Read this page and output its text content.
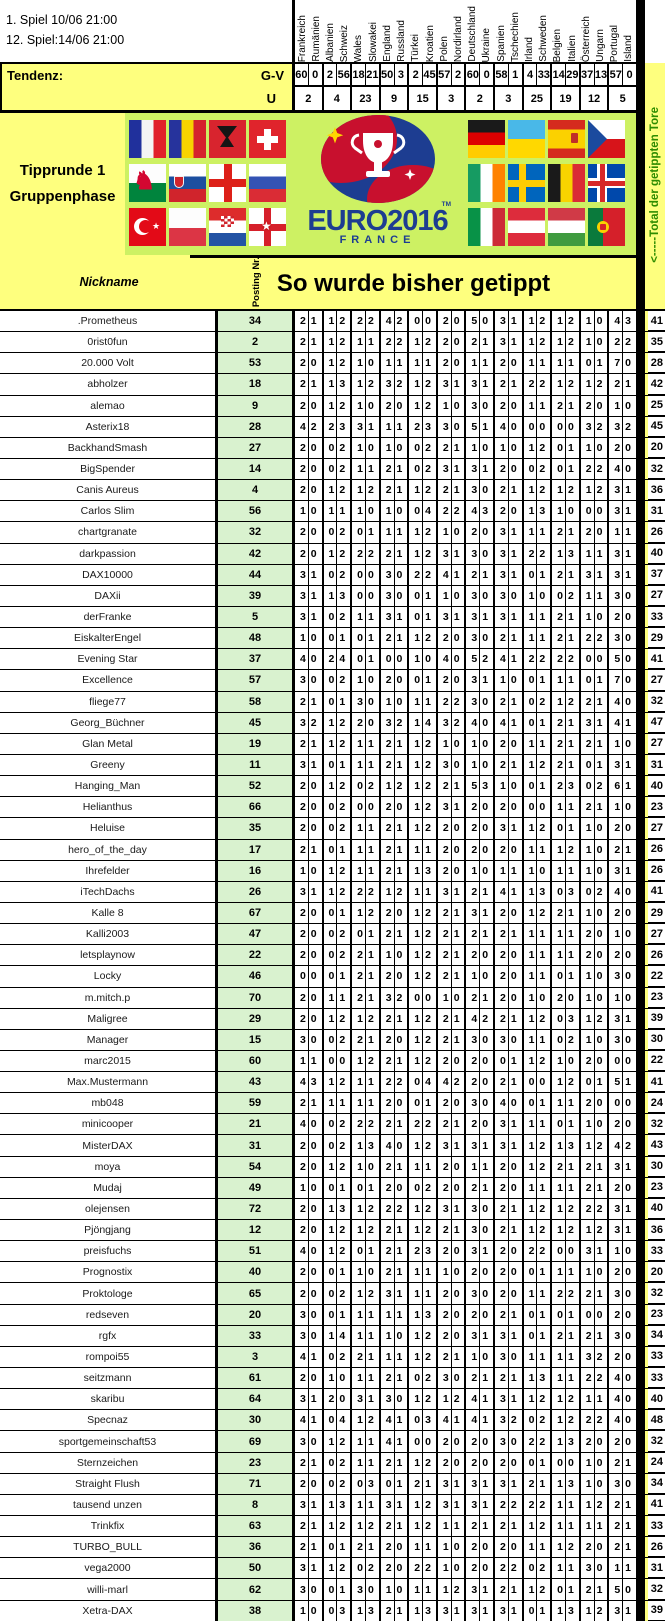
1. Spiel 10/06 21:00
12. Spiel:14/06 21:00	Frankreich Rumänien Albanien Schweiz Wales Slowakei England Russland Türkei Kroatien Polen Nordirland Deutschland Ukraine Spanien Tschechien Irland Schweden Belgien Italien Österreich Ungarn Portugal Island
Tendenz:	G-V
U
60 0 2 56 18 21 50 3 2 45 57 2 60 0 58 1 4 33 14 29 37 13 57 0
2	4	23	9	15	3	2	3	25	19	12	5
Tipprunde 1
Gruppenphase
♞
★
★	TM
EURO2016
FRANCE
So wurde bisher getippt
Nickname	Posting Nr.
.Prometheus	34	2 1	1 2	2 2	4 2	0 0	2 0	5 0	3 1	1 2	1 2	1 0	4 3	41
0rist0fun	2	2 1	1 2	1 1	2 2	1 2	2 0	2 1	3 1	1 2	1 2	1 0	2 2	35
20.000 Volt	53	2 0	1 2	1 0	1 1	1 1	2 0	1 1	2 0	1 1	1 1	0 1	7 0	28
abholzer	18	2 1	1 3	1 2	3 2	1 2	3 1	3 1	2 1	2 2	1 2	1 2	2 1	42
alemao	9	2 0	1 2	1 0	2 0	1 2	1 0	3 0	2 0	1 1	2 1	2 0	1 0	25
Asterix18	28	4 2	2 3	3 1	1 1	2 3	3 0	5 1	4 0	0 0	0 0	3 2	3 2	45
BackhandSmash	27	2 0	0 2	1 0	1 0	0 2	2 1	1 0	1 0	1 2	0 1	1 0	2 0	20
BigSpender	14	2 0	0 2	1 1	2 1	0 2	3 1	3 1	2 0	0 2	0 1	2 2	4 0	32
Canis Aureus	4	2 0	1 2	1 2	2 1	1 2	2 1	3 0	2 1	1 2	1 2	1 2	3 1	36
Carlos Slim	56	1 0	1 1	1 0	1 0	0 4	2 2	4 3	2 0	1 3	1 0	0 0	3 1	31
chartgranate	32	2 0	0 2	0 1	1 1	1 2	1 0	2 0	3 1	1 1	2 1	2 0	1 1	26
darkpassion	42	2 0	1 2	2 2	2 1	1 2	3 1	3 0	3 1	2 2	1 3	1 1	3 1	40
DAX10000	44	3 1	0 2	0 0	3 0	2 2	4 1	2 1	3 1	0 1	2 1	3 1	3 1	37
DAXii	39	3 1	1 3	0 0	3 0	0 1	1 0	3 0	3 0	1 0	0 2	1 1	3 0	27
derFranke	5	3 1	0 2	1 1	3 1	0 1	3 1	3 1	3 1	1 1	2 1	1 0	2 0	33
EiskalterEngel	48	1 0	0 1	0 1	2 1	1 2	2 0	3 0	2 1	1 1	2 1	2 2	3 0	29
Evening Star	37	4 0	2 4	0 1	0 0	1 0	4 0	5 2	4 1	2 2	2 2	0 0	5 0	41
Excellence	57	3 0	0 2	1 0	2 0	0 1	2 0	3 1	1 0	0 1	1 1	0 1	7 0	27
fliege77	58	2 1	0 1	3 0	1 0	1 1	2 2	3 0	2 1	0 2	1 2	2 1	4 0	32
Georg_Büchner	45	3 2	1 2	2 0	3 2	1 4	3 2	4 0	4 1	0 1	2 1	3 1	4 1	47
Glan Metal	19	2 1	1 2	1 1	2 1	1 2	1 0	1 0	2 0	1 1	2 1	2 1	1 0	27
Greeny	11	3 1	0 1	1 1	2 1	1 2	3 0	1 0	2 1	1 2	2 1	0 1	3 1	31
Hanging_Man	52	2 0	1 2	0 2	1 2	1 2	2 1	5 3	1 0	0 1	2 3	0 2	6 1	40
Helianthus	66	2 0	0 2	0 0	2 0	1 2	3 1	2 0	2 0	0 0	1 1	2 1	1 0	23
Heluise	35	2 0	0 2	1 1	2 1	1 2	2 0	2 0	3 1	1 2	0 1	1 0	2 0	27
hero_of_the_day	17	2 1	0 1	1 1	2 1	1 1	2 0	2 0	2 0	1 1	1 2	1 0	2 1	26
Ihrefelder	16	1 0	1 2	1 1	2 1	1 3	2 0	1 0	1 1	1 0	1 1	1 0	3 1	26
iTechDachs	26	3 1	1 2	2 2	1 2	1 1	3 1	2 1	4 1	1 3	0 3	0 2	4 0	41
Kalle 8	67	2 0	0 1	1 2	2 0	1 2	2 1	3 1	2 0	1 2	2 1	1 0	2 0	29
Kalli2003	47	2 0	0 2	0 1	2 1	1 2	2 1	2 1	2 1	1 1	1 1	2 0	1 0	27
letsplaynow	22	2 0	0 2	2 1	1 0	1 2	2 1	2 0	2 0	1 1	1 1	2 0	2 0	26
Locky	46	0 0	0 1	2 1	2 0	1 2	2 1	1 0	2 0	1 1	0 1	1 0	3 0	22
m.mitch.p	70	2 0	1 1	2 1	3 2	0 0	1 0	2 1	2 0	1 0	2 0	1 0	1 0	23
Maligree	29	2 0	1 2	1 2	2 1	1 2	2 1	4 2	2 1	1 2	0 3	1 2	3 1	39
Manager	15	3 0	0 2	2 1	2 0	1 2	2 1	3 0	3 0	1 1	0 2	1 0	3 0	30
marc2015	60	1 1	0 0	1 2	2 1	1 2	2 0	2 0	0 1	1 2	1 0	2 0	0 0	22
Max.Mustermann	43	4 3	1 2	1 1	2 2	0 4	4 2	2 0	2 1	0 0	1 2	0 1	5 1	41
mb048	59	2 1	1 1	1 1	2 0	0 1	2 0	3 0	4 0	0 1	1 1	2 0	0 0	24
minicooper	21	4 0	0 2	2 2	2 1	2 2	2 1	2 0	3 1	1 1	0 1	1 0	2 0	32
MisterDAX	31	2 0	0 2	1 3	4 0	1 2	3 1	3 1	3 1	1 2	1 3	1 2	4 2	43
moya	54	2 0	1 2	1 0	2 1	1 1	2 0	1 1	2 0	1 2	2 1	2 1	3 1	30
Mudaj	49	1 0	0 1	0 1	2 0	0 2	2 0	2 1	2 0	1 1	1 1	2 1	2 0	23
olejensen	72	2 0	1 3	1 2	2 2	1 2	3 1	3 0	2 1	1 2	1 2	2 2	3 1	40
Pjöngjang	12	2 0	1 2	1 2	2 1	1 2	2 1	3 0	2 1	1 2	1 2	1 2	3 1	36
preisfuchs	51	4 0	1 2	0 1	2 1	2 3	2 0	3 1	2 0	2 2	0 0	3 1	1 0	33
Prognostix	40	2 0	0 1	1 0	2 1	1 1	1 0	2 0	2 0	0 1	1 1	1 0	2 0	20
Proktologe	65	2 0	0 2	1 2	3 1	1 1	2 0	3 0	2 0	1 1	2 2	2 1	3 0	32
redseven	20	3 0	0 1	1 1	1 1	1 3	2 0	2 0	2 1	0 1	0 1	0 0	2 0	23
rgfx	33	3 0	1 4	1 1	1 0	1 2	2 0	3 1	3 1	0 1	2 1	2 1	3 0	34
rompoi55	3	4 1	0 2	2 1	1 1	1 2	2 1	1 0	3 0	1 1	1 1	3 2	2 0	33
seitzmann	61	2 0	1 0	1 1	2 1	0 2	3 0	2 1	2 1	1 3	1 1	2 2	4 0	33
skaribu	64	3 1	2 0	3 1	3 0	1 2	1 2	4 1	3 1	1 2	1 2	1 1	4 0	40
Specnaz	30	4 1	0 4	1 2	4 1	0 3	4 1	4 1	3 2	0 2	1 2	2 2	4 0	48
sportgemeinschaft53	69	3 0	1 2	1 1	4 1	0 0	2 0	2 0	3 0	2 2	1 3	2 0	2 0	32
Sternzeichen	23	2 1	0 2	1 1	2 1	1 2	2 0	2 0	2 0	0 1	0 0	1 0	2 1	24
Straight Flush	71	2 0	0 2	0 3	0 1	2 1	3 1	3 1	3 1	2 1	1 3	1 0	3 0	34
tausend unzen	8	3 1	1 3	1 1	3 1	1 2	3 1	3 1	2 2	2 2	1 1	1 2	2 1	41
Trinkfix	63	2 1	1 2	1 2	2 1	1 2	1 1	2 1	2 1	1 2	1 1	1 1	2 1	33
TURBO_BULL	36	2 1	0 1	2 1	2 0	1 1	1 0	2 0	2 0	1 1	1 2	2 0	2 1	26
vega2000	50	3 1	1 2	0 2	2 0	2 2	1 0	2 0	2 2	0 2	1 1	3 0	1 1	31
willi-marl	62	3 0	0 1	3 0	1 0	1 1	1 2	3 1	2 1	1 2	0 1	2 1	5 0	32
Xetra-DAX	38	1 0	0 3	1 3	2 1	1 3	3 1	3 1	3 1	0 1	1 3	1 2	3 1	39
<-----Total der getippten Tore
